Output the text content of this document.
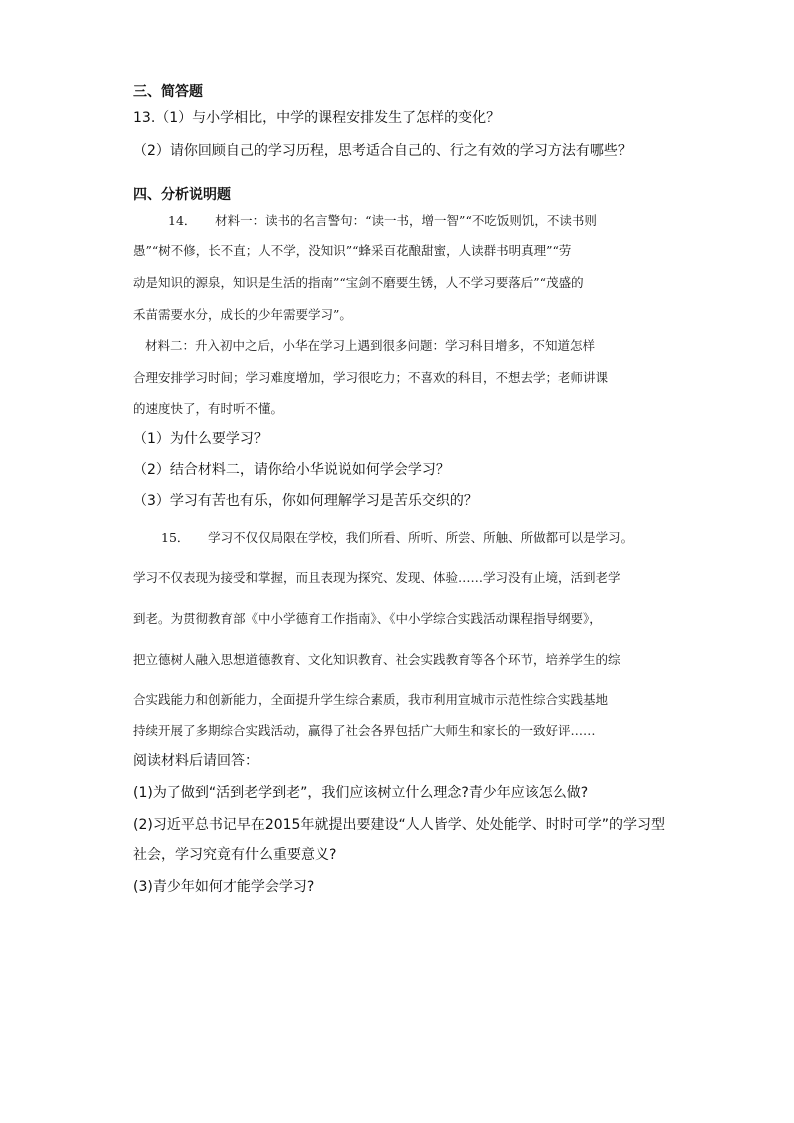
三、简答题
13.（1）与小学相比，中学的课程安排发生了怎样的变化？
（2）请你回顾自己的学习历程，思考适合自己的、行之有效的学习方法有哪些？
四、分析说明题
14．　　材料一：读书的名言警句：“读一书，增一智”“不吃饭则饥，不读书则
愚”“树不修，长不直；人不学，没知识”“蜂采百花酿甜蜜，人读群书明真理”“劳
动是知识的源泉，知识是生活的指南”“宝剑不磨要生锈，人不学习要落后”“茂盛的
禾苗需要水分，成长的少年需要学习”。
材料二：升入初中之后，小华在学习上遇到很多问题：学习科目增多，不知道怎样
合理安排学习时间；学习难度增加，学习很吃力；不喜欢的科目，不想去学；老师讲课
的速度快了，有时听不懂。
（1）为什么要学习？
（2）结合材料二，请你给小华说说如何学会学习？
（3）学习有苦也有乐，你如何理解学习是苦乐交织的？
15．　　学习不仅仅局限在学校，我们所看、所听、所尝、所触、所做都可以是学习。
学习不仅表现为接受和掌握，而且表现为探究、发现、体验……学习没有止境，活到老学
到老。为贯彻教育部《中小学德育工作指南》、《中小学综合实践活动课程指导纲要》，
把立德树人融入思想道德教育、文化知识教育、社会实践教育等各个环节，培养学生的综
合实践能力和创新能力，全面提升学生综合素质，我市利用宣城市示范性综合实践基地
持续开展了多期综合实践活动，赢得了社会各界包括广大师生和家长的一致好评……
阅读材料后请回答：
(1)为了做到“活到老学到老”，我们应该树立什么理念?青少年应该怎么做?
(2)习近平总书记早在2015年就提出要建设“人人皆学、处处能学、时时可学”的学习型
社会，学习究竟有什么重要意义?
(3)青少年如何才能学会学习?
